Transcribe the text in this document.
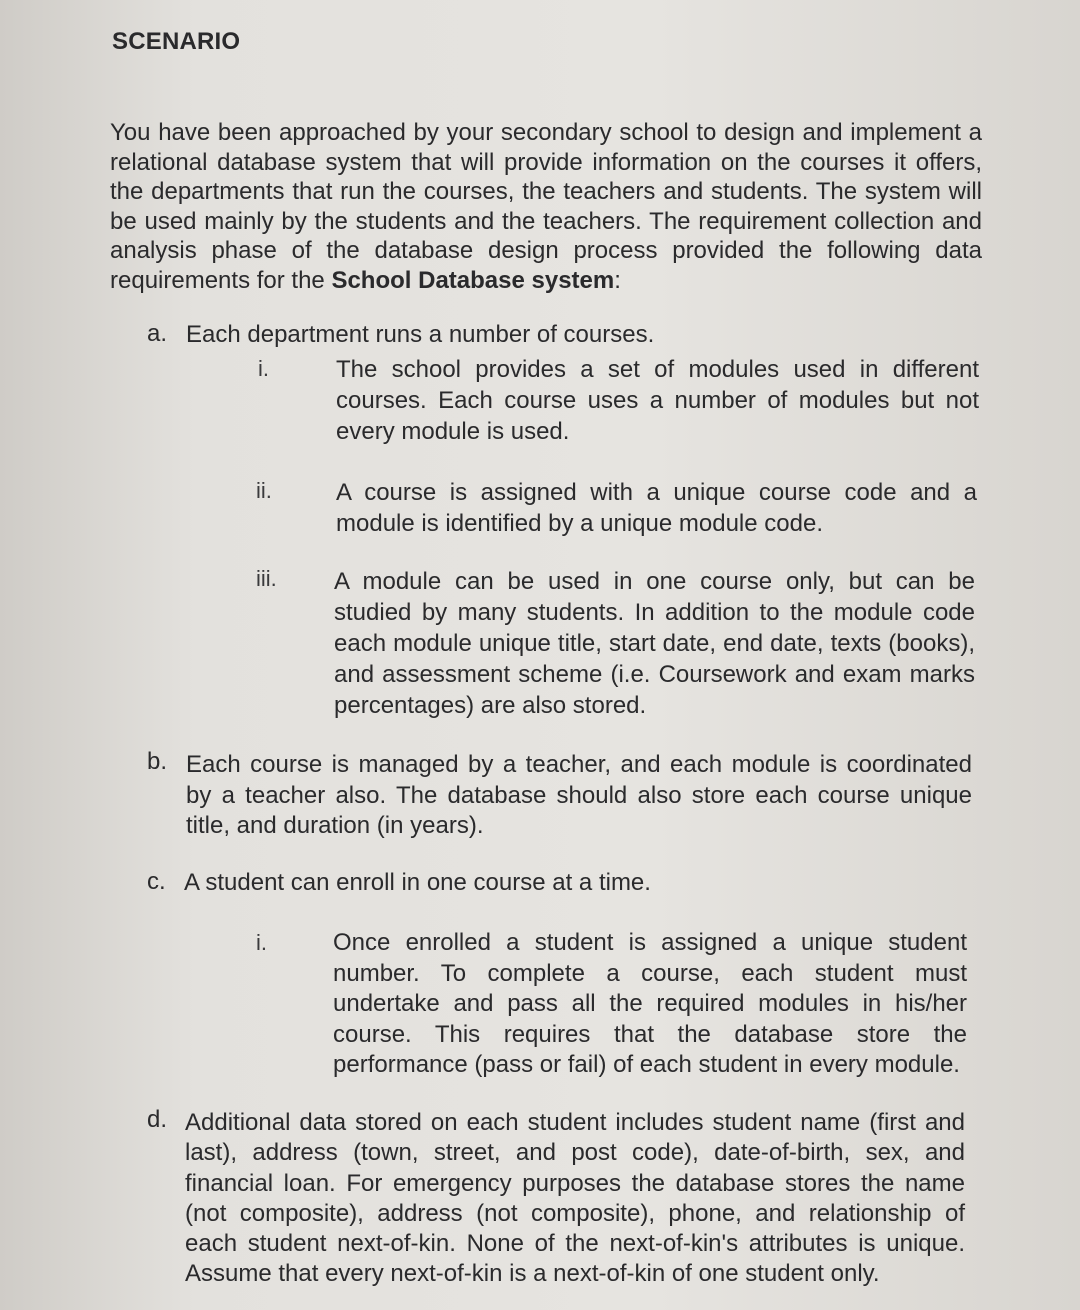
SCENARIO
You have been approached by your secondary school to design and implement a relational database system that will provide information on the courses it offers, the departments that run the courses, the teachers and students. The system will be used mainly by the students and the teachers. The requirement collection and analysis phase of the database design process provided the following data requirements for the School Database system:
a. Each department runs a number of courses.
i.	The school provides a set of modules used in different courses. Each course uses a number of modules but not every module is used.
ii.	A course is assigned with a unique course code and a module is identified by a unique module code.
iii. A module can be used in one course only, but can be studied by many students. In addition to the module code each module unique title, start date, end date, texts (books), and assessment scheme (i.e. Coursework and exam marks percentages) are also stored.
b. Each course is managed by a teacher, and each module is coordinated by a teacher also. The database should also store each course unique title, and duration (in years).
c. A student can enroll in one course at a time.
i.	Once enrolled a student is assigned a unique student number. To complete a course, each student must undertake and pass all the required modules in his/her course. This requires that the database store the performance (pass or fail) of each student in every module.
d. Additional data stored on each student includes student name (first and last), address (town, street, and post code), date-of-birth, sex, and financial loan. For emergency purposes the database stores the name (not composite), address (not composite), phone, and relationship of each student next-of-kin. None of the next-of-kin's attributes is unique. Assume that every next-of-kin is a next-of-kin of one student only.
